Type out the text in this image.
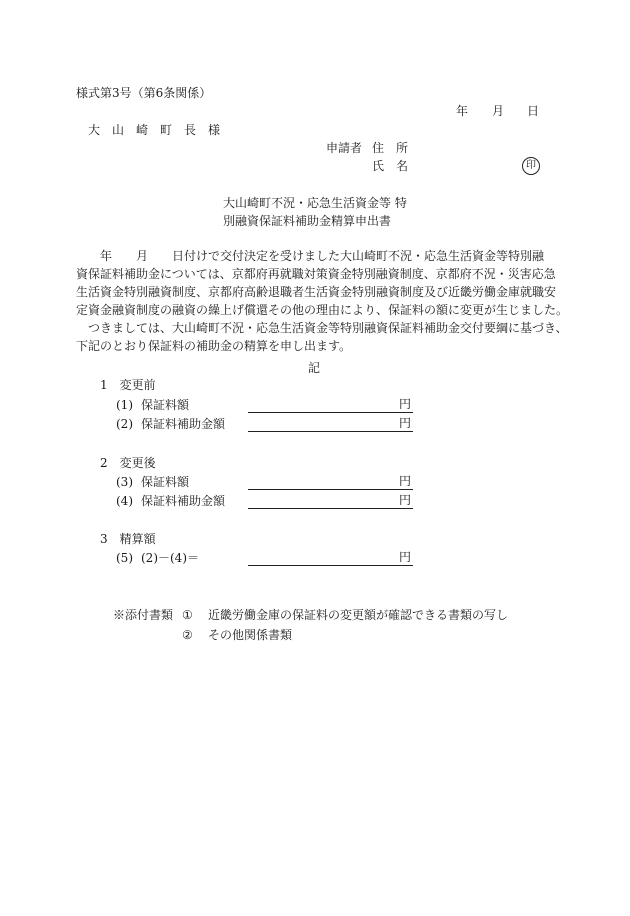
様式第3号（第6条関係）
年 月 日
大　山　崎　町　長　様
申請者 住　所
氏　名	印
大山崎町不況・応急生活資金等 特
別融資保証料補助金精算申出書
　　年　　月　　日付けで交付決定を受けました大山崎町不況・応急生活資金等特別融
資保証料補助金については、京都府再就職対策資金特別融資制度、京都府不況・災害応急
生活資金特別融資制度、京都府高齢退職者生活資金特別融資制度及び近畿労働金庫就職安
定資金融資制度の融資の繰上げ償還その他の理由により、保証料の額に変更が生じました。
つきましては、大山崎町不況・応急生活資金等特別融資保証料補助金交付要綱に基づき、
下記のとおり保証料の補助金の精算を申し出ます。
記
1　変更前
(1) 保証料額	円
(2) 保証料補助金額	円
2　変更後
(3) 保証料額	円
(4) 保証料補助金額	円
3　精算額
(5) (2)－(4)＝	円
※添付書類 ① 近畿労働金庫の保証料の変更額が確認できる書類の写し
② その他関係書類
